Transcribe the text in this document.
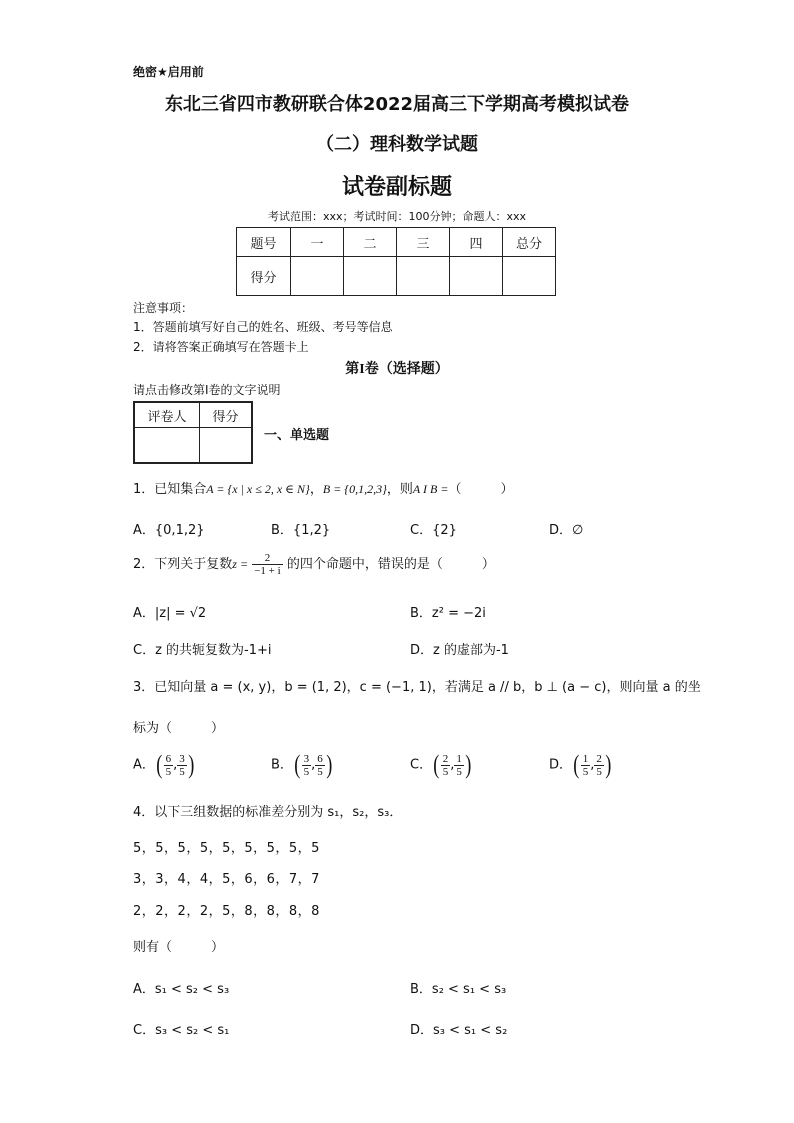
绝密★启用前
东北三省四市教研联合体2022届高三下学期高考模拟试卷
（二）理科数学试题
试卷副标题
考试范围：xxx；考试时间：100分钟；命题人：xxx
题号	一	二	三	四	总分
得分					
注意事项：
1．答题前填写好自己的姓名、班级、考号等信息
2．请将答案正确填写在答题卡上
第I卷（选择题）
请点击修改第I卷的文字说明
评卷人	得分

一、单选题
1．已知集合A = {x | x ≤ 2, x ∈ N}，B = {0,1,2,3}，则A I B =（　　　）
A．{0,1,2}	B．{1,2}	C．{2}	D．∅
2．下列关于复数$z = \frac{2}{-1 + i}$ 的四个命题中，错误的是（　　　）
A．|z| = √2	B．z² = −2i
C．z 的共轭复数为-1+i	D．z 的虚部为-1
3．已知向量 a = (x, y)，b = (1, 2)，c = (−1, 1)，若满足 a // b，b ⊥ (a − c)，则向量 a 的坐
标为（　　　）
A．( $\frac{6}{5}$ , $\frac{3}{5}$ )	B．( $\frac{3}{5}$ , $\frac{6}{5}$ )	C．( $\frac{2}{5}$ , $\frac{1}{5}$ )	D．( $\frac{1}{5}$ , $\frac{2}{5}$ )
4．以下三组数据的标准差分别为 s₁，s₂，s₃．
5，5，5，5，5，5，5，5，5
3，3，4，4，5，6，6，7，7
2，2，2，2，5，8，8，8，8
则有（　　　）
A．s₁ < s₂ < s₃	B．s₂ < s₁ < s₃
C．s₃ < s₂ < s₁	D．s₃ < s₁ < s₂
